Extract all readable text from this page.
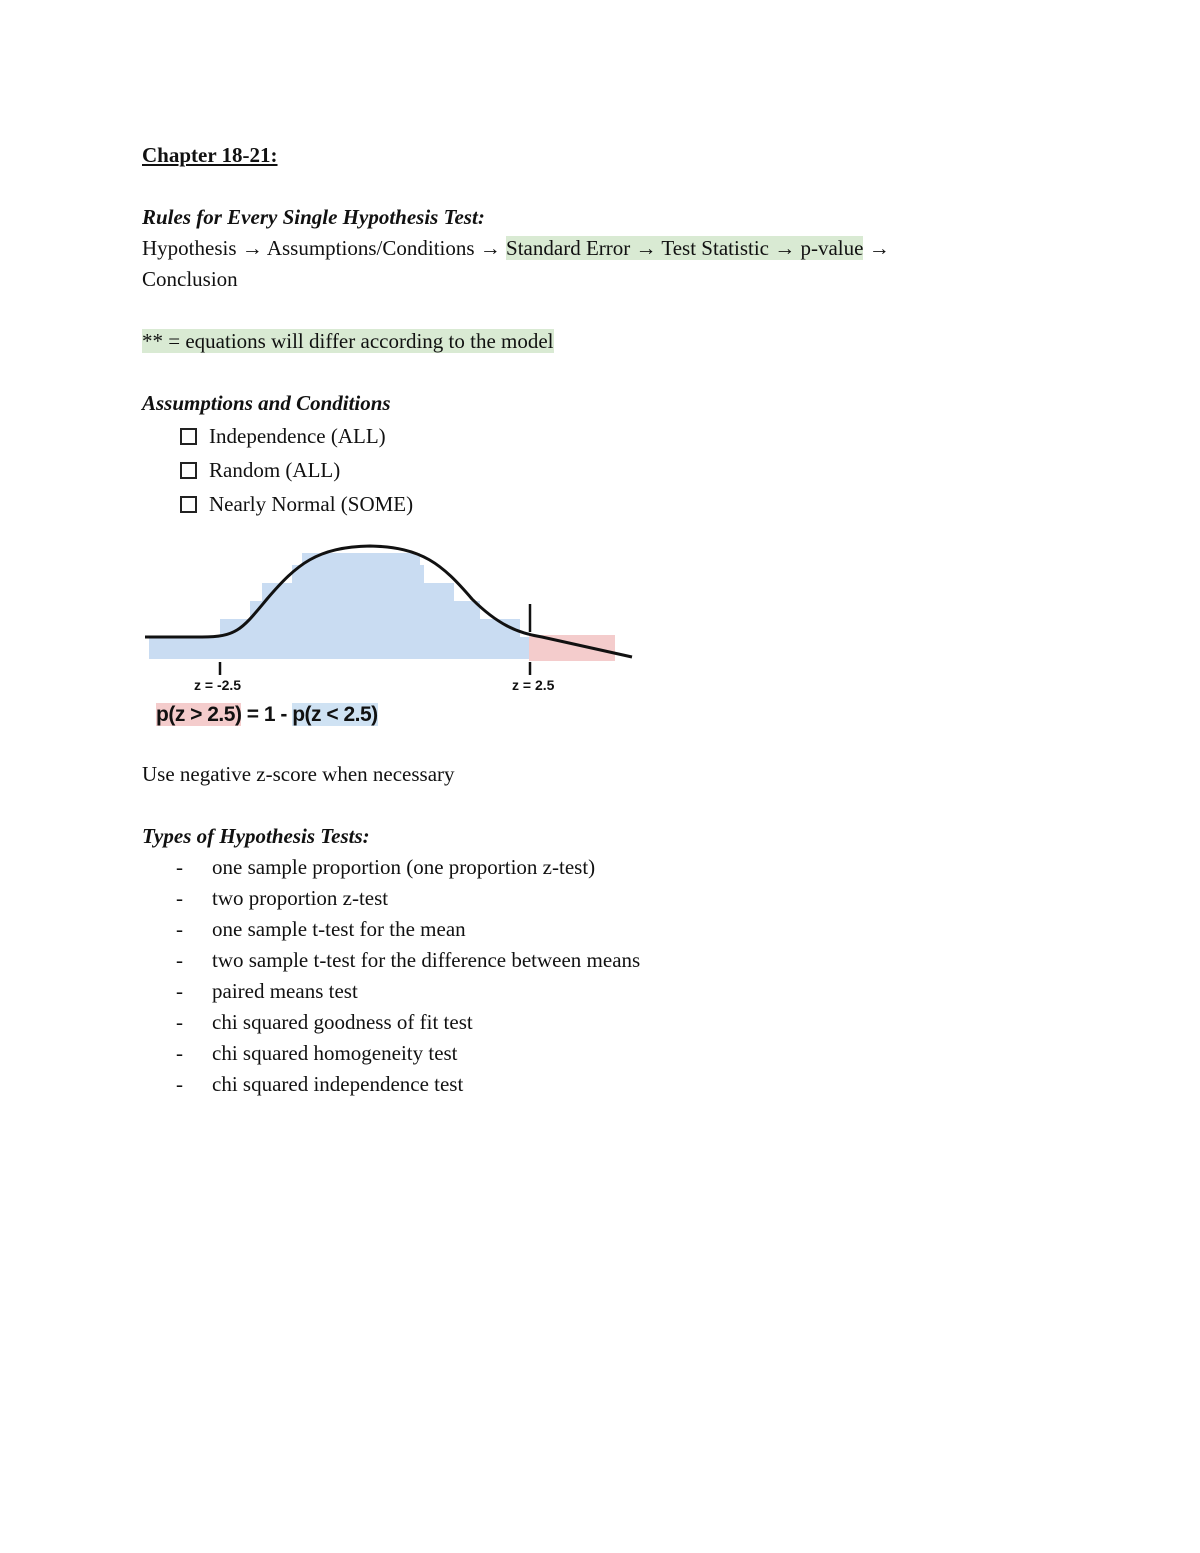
Chapter 18-21:
Rules for Every Single Hypothesis Test:
Hypothesis → Assumptions/Conditions → Standard Error → Test Statistic → p-value →
Conclusion
** = equations will differ according to the model
Assumptions and Conditions
Independence (ALL)
Random (ALL)
Nearly Normal (SOME)
z = -2.5	z = 2.5
p(z > 2.5) = 1 - p(z < 2.5)
Use negative z-score when necessary
Types of Hypothesis Tests:
-	one sample proportion (one proportion z-test)
-	two proportion z-test
-	one sample t-test for the mean
-	two sample t-test for the difference between means
-	paired means test
-	chi squared goodness of fit test
-	chi squared homogeneity test
-	chi squared independence test
